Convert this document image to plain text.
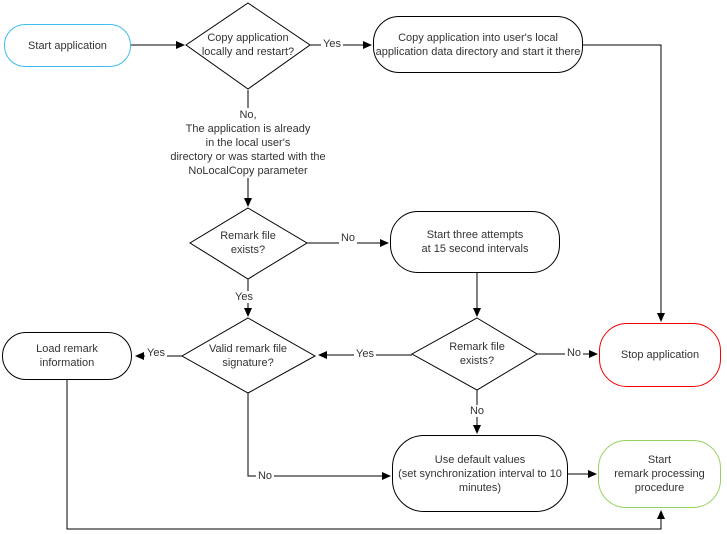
Start application
Copy application into user's local
application data directory and start it there
Start three attempts
at 15 second intervals
Stop application
Load remark
information
Use default values
(set synchronization interval to 10
minutes)
Start
remark processing
procedure
Copy application
locally and restart?
Remark file
exists?
Remark file
exists?
Valid remark file
signature?
No,
The application is already
in the local user's
directory or was started with the
NoLocalCopy parameter
Yes
No
Yes
Yes	No
No
Yes
No
